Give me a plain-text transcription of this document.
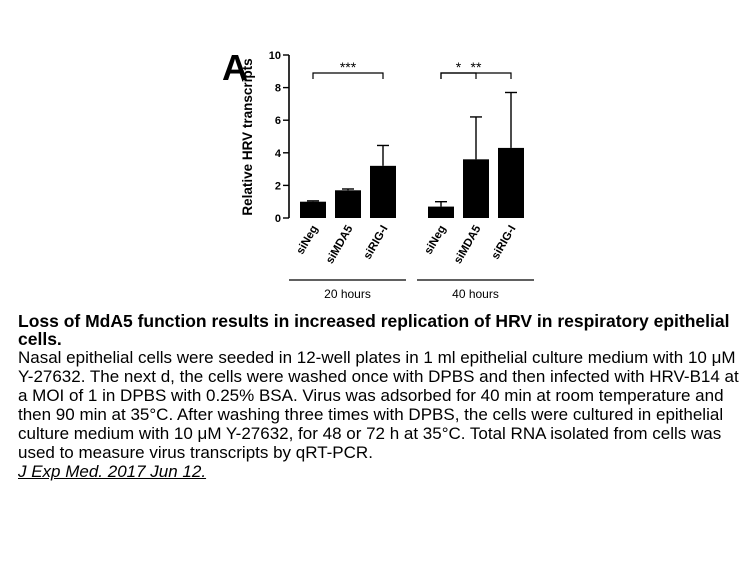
A
Relative HRV transcripts
0
2
4
6
8
10
siNeg siMDA5 siRIG-I
20 hours
***
siNeg siMDA5 siRIG-I
40 hours
* **
Loss of MdA5 function results in increased replication of HRV in respiratory epithelial cells.
Nasal epithelial cells were seeded in 12-well plates in 1 ml epithelial culture medium with 10 μM Y-27632. The next d, the cells were washed once with DPBS and then infected with HRV-B14 at a MOI of 1 in DPBS with 0.25% BSA. Virus was adsorbed for 40 min at room temperature and then 90 min at 35°C. After washing three times with DPBS, the cells were cultured in epithelial culture medium with 10 μM Y-27632, for 48 or 72 h at 35°C. Total RNA isolated from cells was used to measure virus transcripts by qRT-PCR.
J Exp Med. 2017 Jun 12.
